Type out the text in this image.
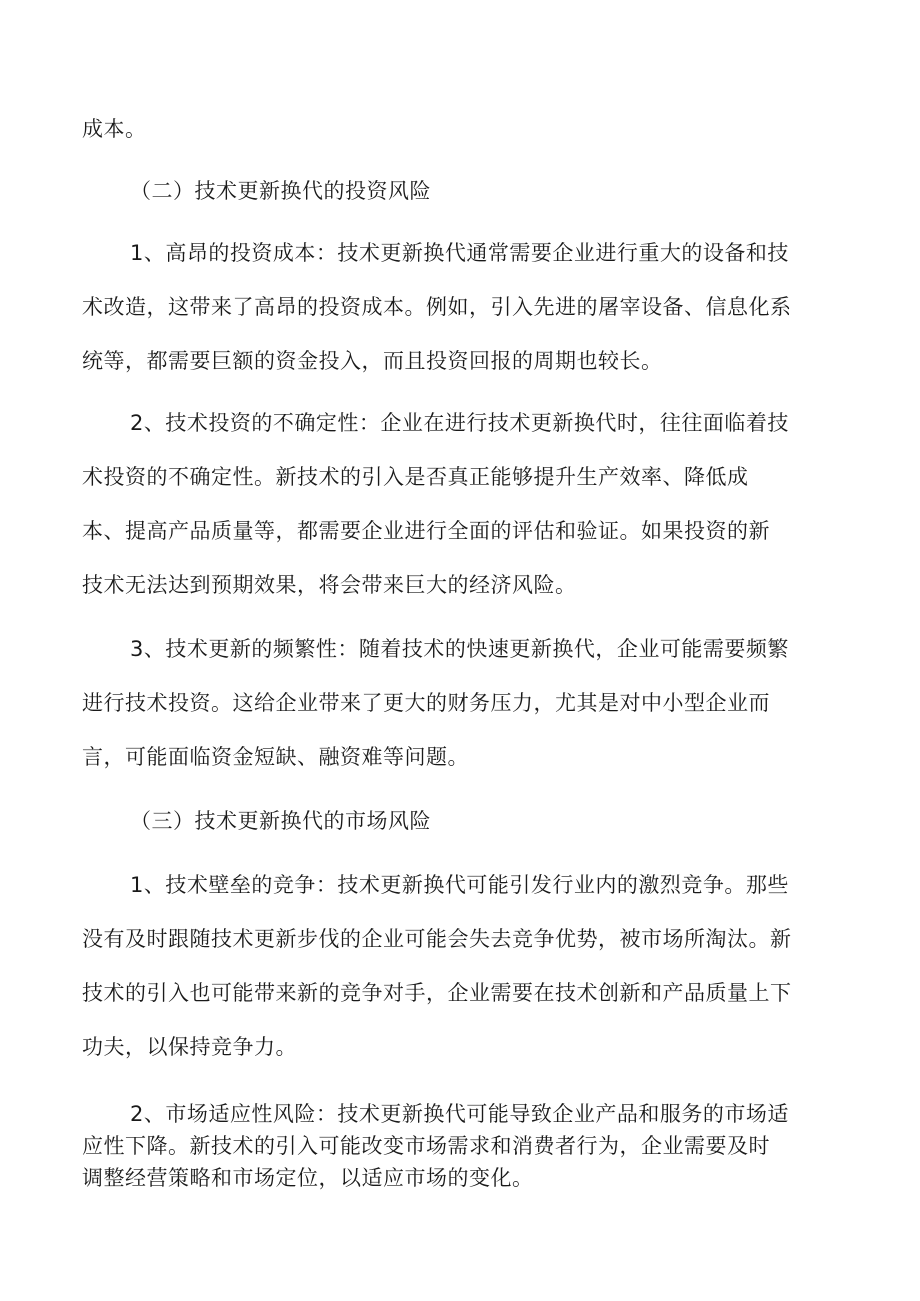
成本。
（二）技术更新换代的投资风险
1、高昂的投资成本：技术更新换代通常需要企业进行重大的设备和技
术改造，这带来了高昂的投资成本。例如，引入先进的屠宰设备、信息化系
统等，都需要巨额的资金投入，而且投资回报的周期也较长。
2、技术投资的不确定性：企业在进行技术更新换代时，往往面临着技
术投资的不确定性。新技术的引入是否真正能够提升生产效率、降低成
本、提高产品质量等，都需要企业进行全面的评估和验证。如果投资的新
技术无法达到预期效果，将会带来巨大的经济风险。
3、技术更新的频繁性：随着技术的快速更新换代，企业可能需要频繁
进行技术投资。这给企业带来了更大的财务压力，尤其是对中小型企业而
言，可能面临资金短缺、融资难等问题。
（三）技术更新换代的市场风险
1、技术壁垒的竞争：技术更新换代可能引发行业内的激烈竞争。那些
没有及时跟随技术更新步伐的企业可能会失去竞争优势，被市场所淘汰。新
技术的引入也可能带来新的竞争对手，企业需要在技术创新和产品质量上下
功夫，以保持竞争力。
2、市场适应性风险：技术更新换代可能导致企业产品和服务的市场适
应性下降。新技术的引入可能改变市场需求和消费者行为，企业需要及时
调整经营策略和市场定位，以适应市场的变化。
